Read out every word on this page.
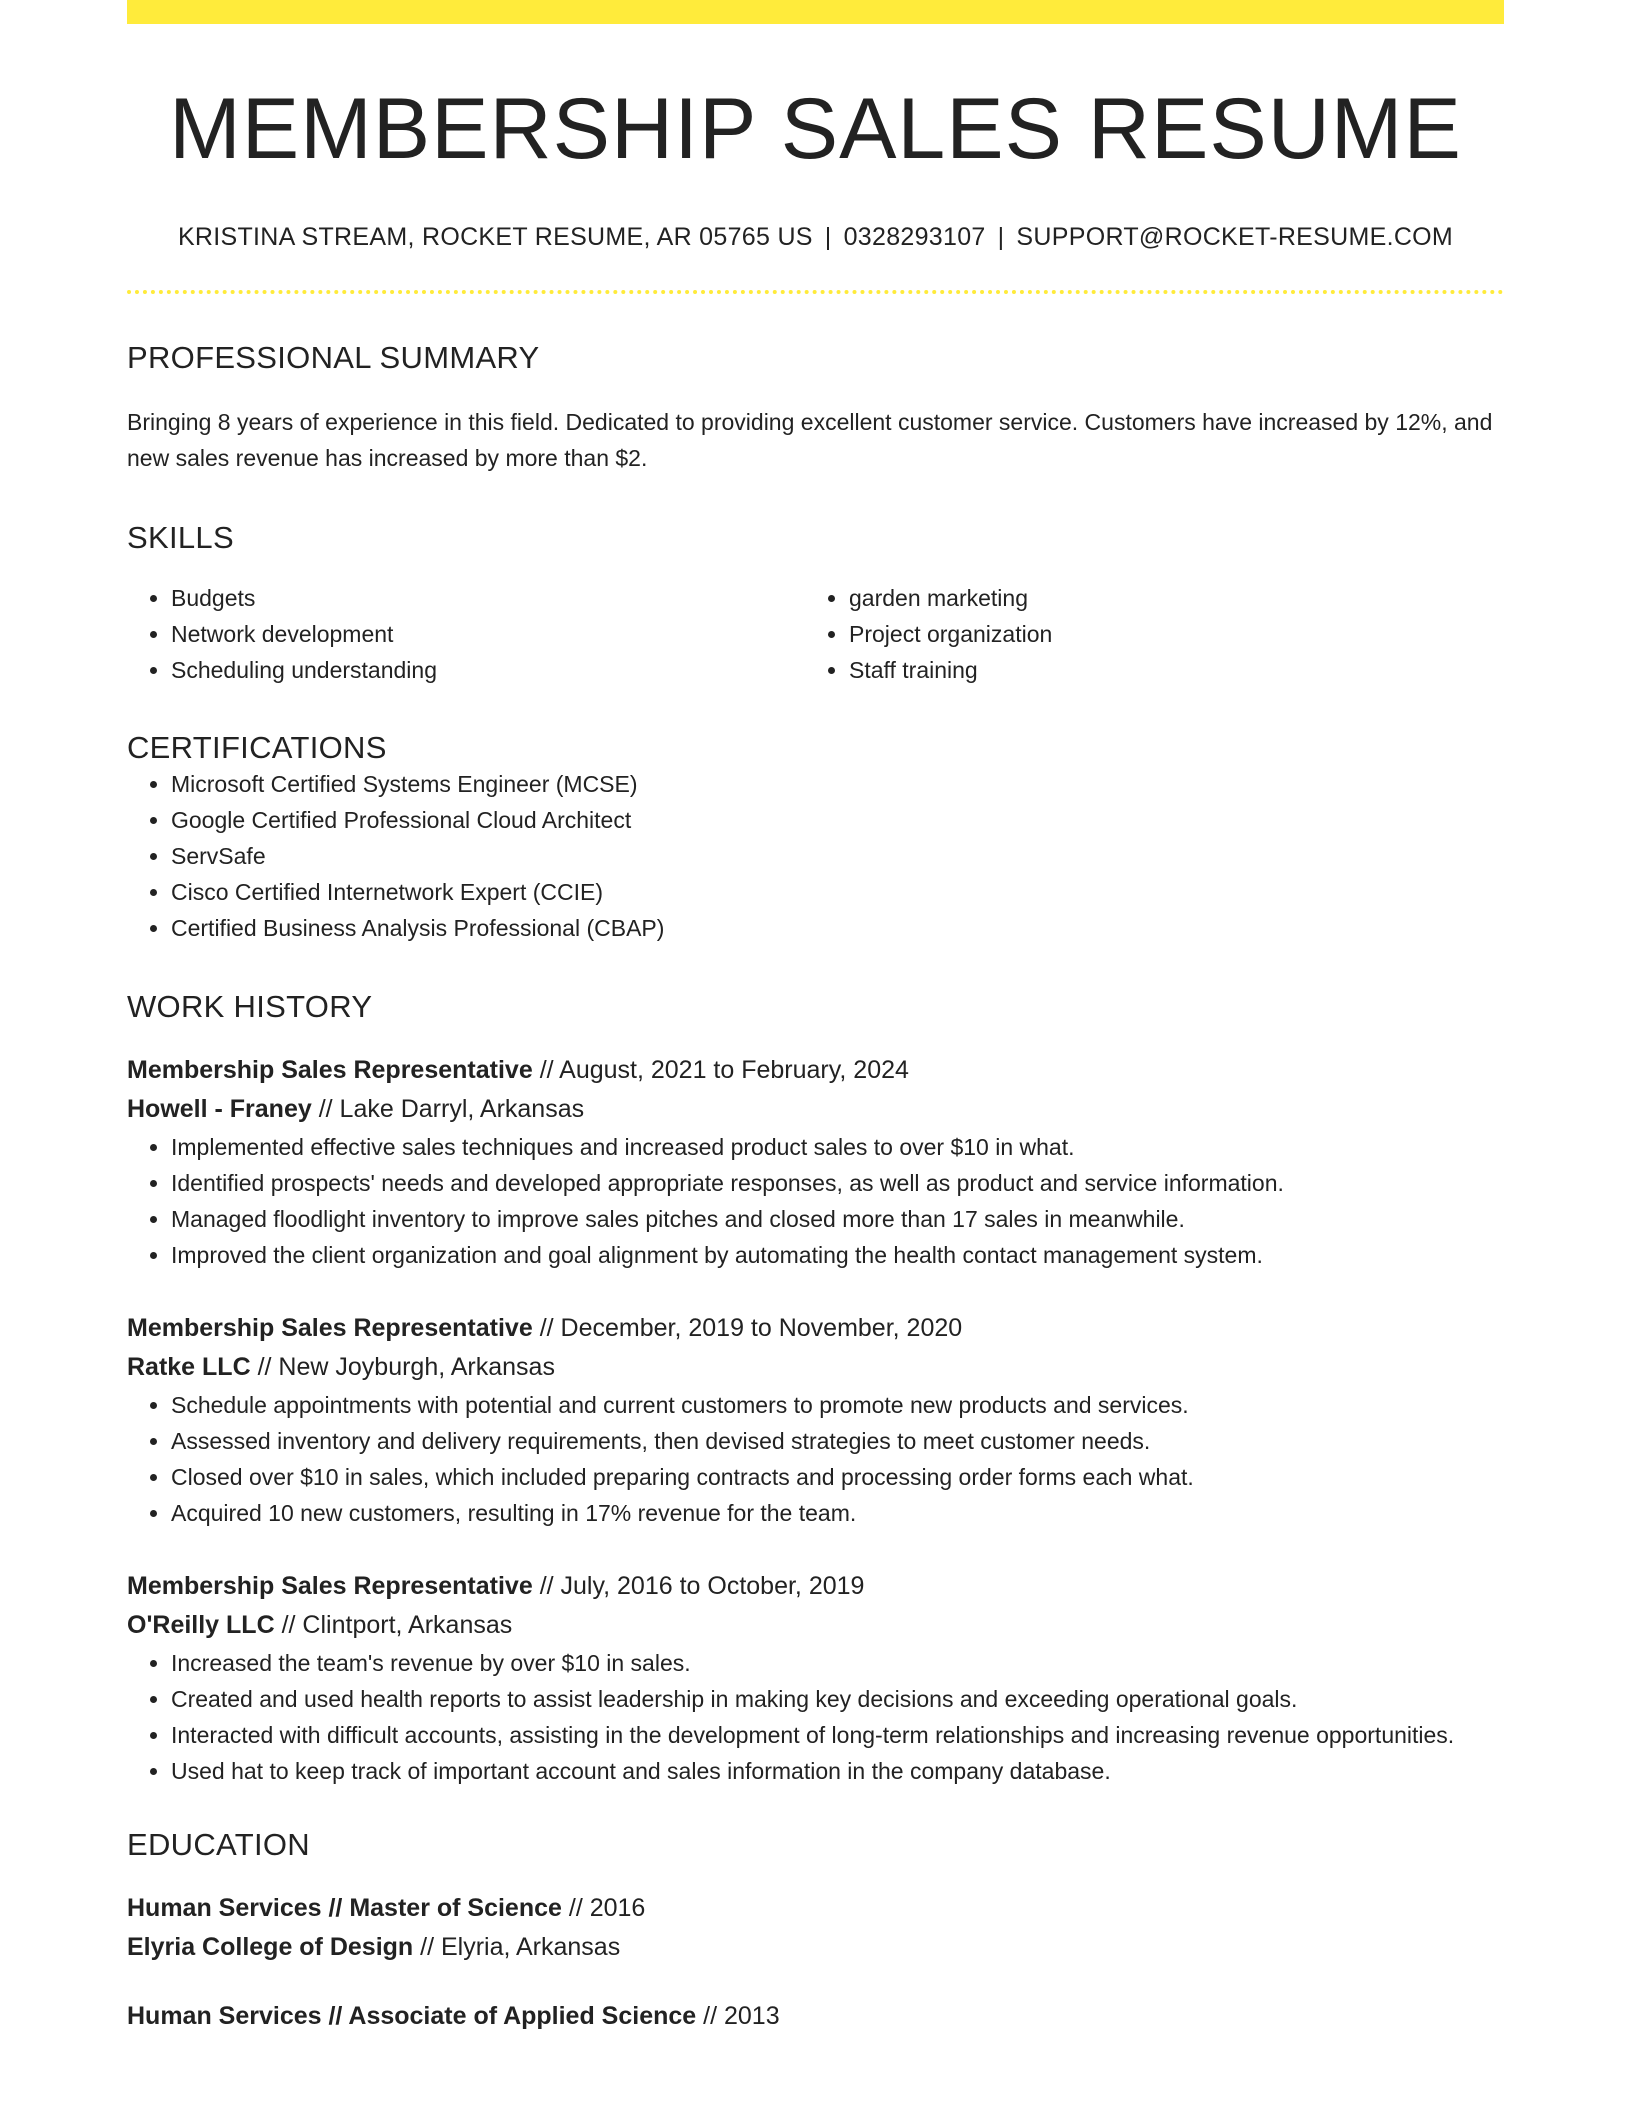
MEMBERSHIP SALES RESUME
KRISTINA STREAM, ROCKET RESUME, AR 05765 US | 0328293107 | SUPPORT@ROCKET-RESUME.COM
PROFESSIONAL SUMMARY
Bringing 8 years of experience in this field. Dedicated to providing excellent customer service. Customers have increased by 12%, and new sales revenue has increased by more than $2.
SKILLS
• Budgets
• Network development
• Scheduling understanding
• garden marketing
• Project organization
• Staff training
CERTIFICATIONS
• Microsoft Certified Systems Engineer (MCSE)
• Google Certified Professional Cloud Architect
• ServSafe
• Cisco Certified Internetwork Expert (CCIE)
• Certified Business Analysis Professional (CBAP)
WORK HISTORY
Membership Sales Representative // August, 2021 to February, 2024
Howell - Franey // Lake Darryl, Arkansas
• Implemented effective sales techniques and increased product sales to over $10 in what.
• Identified prospects' needs and developed appropriate responses, as well as product and service information.
• Managed floodlight inventory to improve sales pitches and closed more than 17 sales in meanwhile.
• Improved the client organization and goal alignment by automating the health contact management system.
Membership Sales Representative // December, 2019 to November, 2020
Ratke LLC // New Joyburgh, Arkansas
• Schedule appointments with potential and current customers to promote new products and services.
• Assessed inventory and delivery requirements, then devised strategies to meet customer needs.
• Closed over $10 in sales, which included preparing contracts and processing order forms each what.
• Acquired 10 new customers, resulting in 17% revenue for the team.
Membership Sales Representative // July, 2016 to October, 2019
O'Reilly LLC // Clintport, Arkansas
• Increased the team's revenue by over $10 in sales.
• Created and used health reports to assist leadership in making key decisions and exceeding operational goals.
• Interacted with difficult accounts, assisting in the development of long-term relationships and increasing revenue opportunities.
• Used hat to keep track of important account and sales information in the company database.
EDUCATION
Human Services // Master of Science // 2016
Elyria College of Design // Elyria, Arkansas
Human Services // Associate of Applied Science // 2013
